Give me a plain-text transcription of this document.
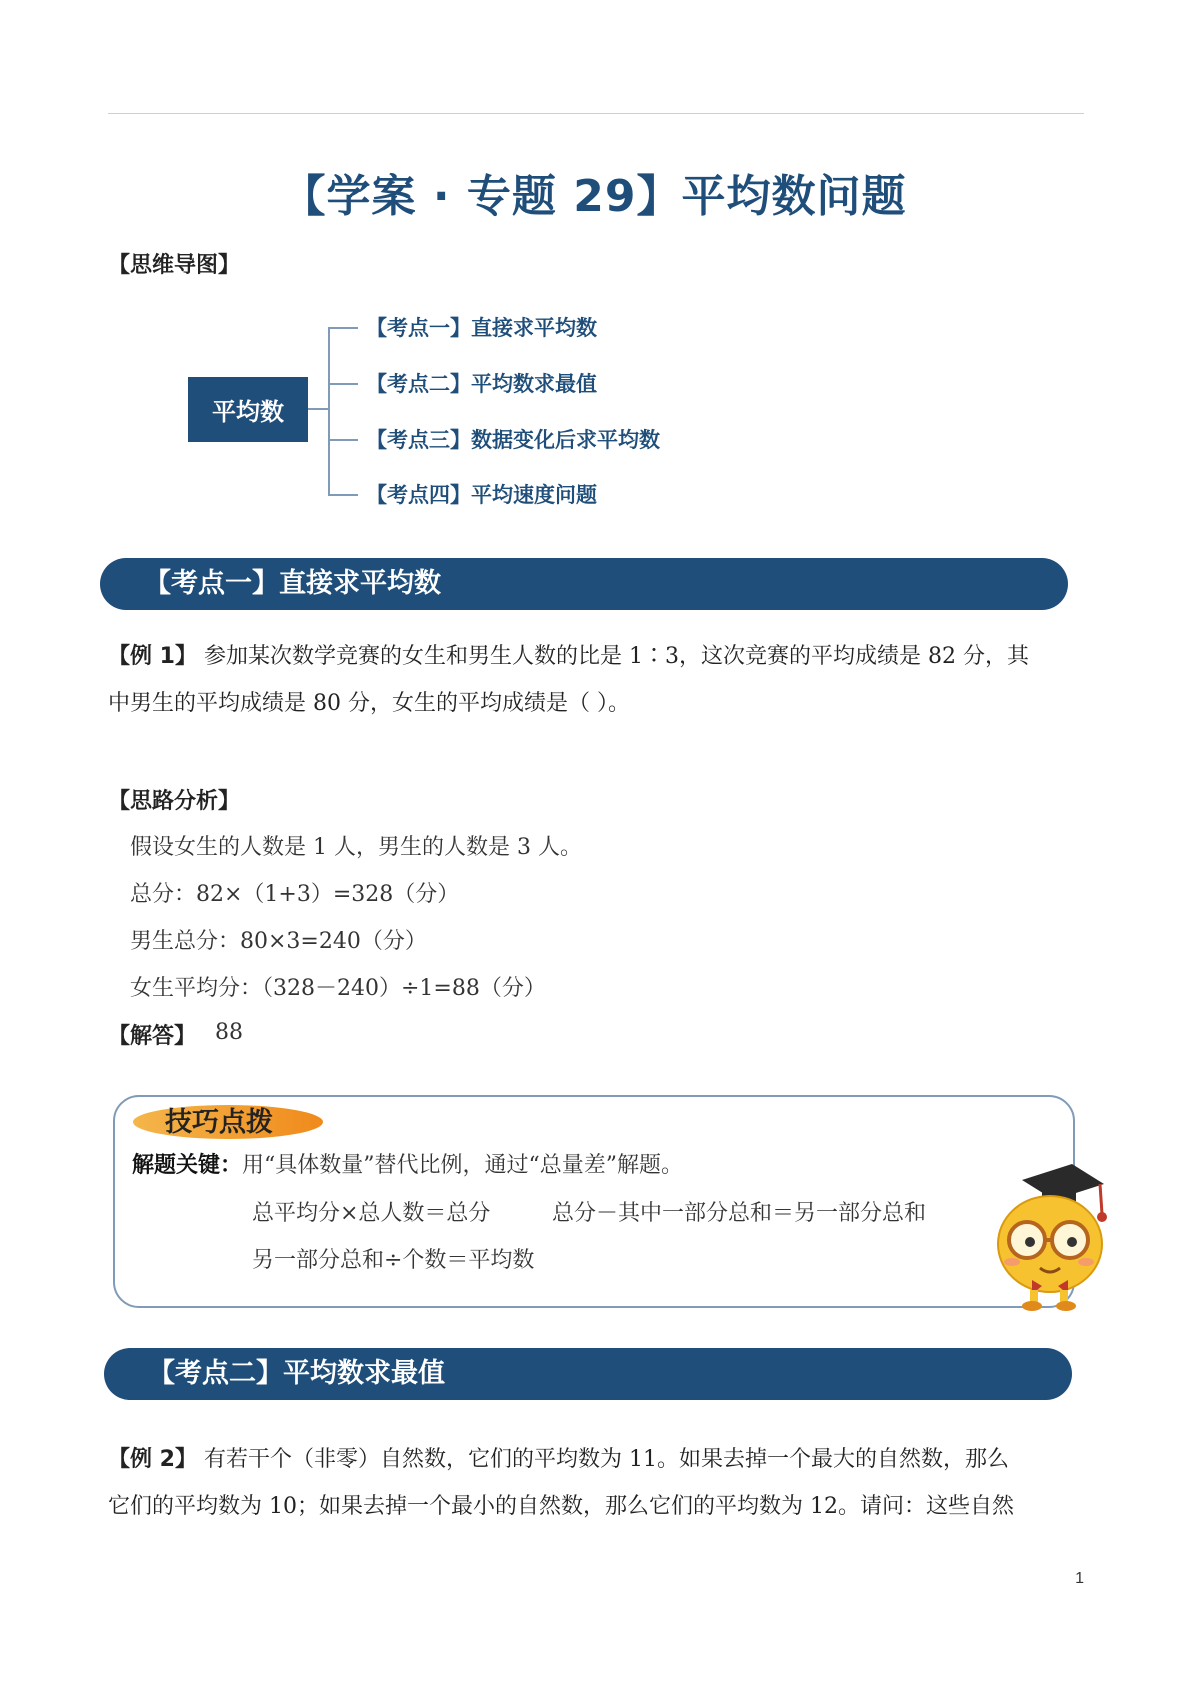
【学案 · 专题 29】平均数问题
【思维导图】
平均数
【考点一】直接求平均数
【考点二】平均数求最值
【考点三】数据变化后求平均数
【考点四】平均速度问题
【考点一】直接求平均数
【例 1】 参加某次数学竞赛的女生和男生人数的比是 1∶3，这次竞赛的平均成绩是 82 分，其
中男生的平均成绩是 80 分，女生的平均成绩是（ ）。
【思路分析】
假设女生的人数是 1 人，男生的人数是 3 人。
总分：82×（1+3）=328（分）
男生总分：80×3=240（分）
女生平均分：（328－240）÷1=88（分）
【解答】 88
技巧点拨
解题关键：用“具体数量”替代比例，通过“总量差”解题。
总平均分×总人数＝总分	总分－其中一部分总和＝另一部分总和
另一部分总和÷个数＝平均数
【考点二】平均数求最值
【例 2】 有若干个（非零）自然数，它们的平均数为 11。如果去掉一个最大的自然数，那么
它们的平均数为 10；如果去掉一个最小的自然数，那么它们的平均数为 12。请问：这些自然
1
